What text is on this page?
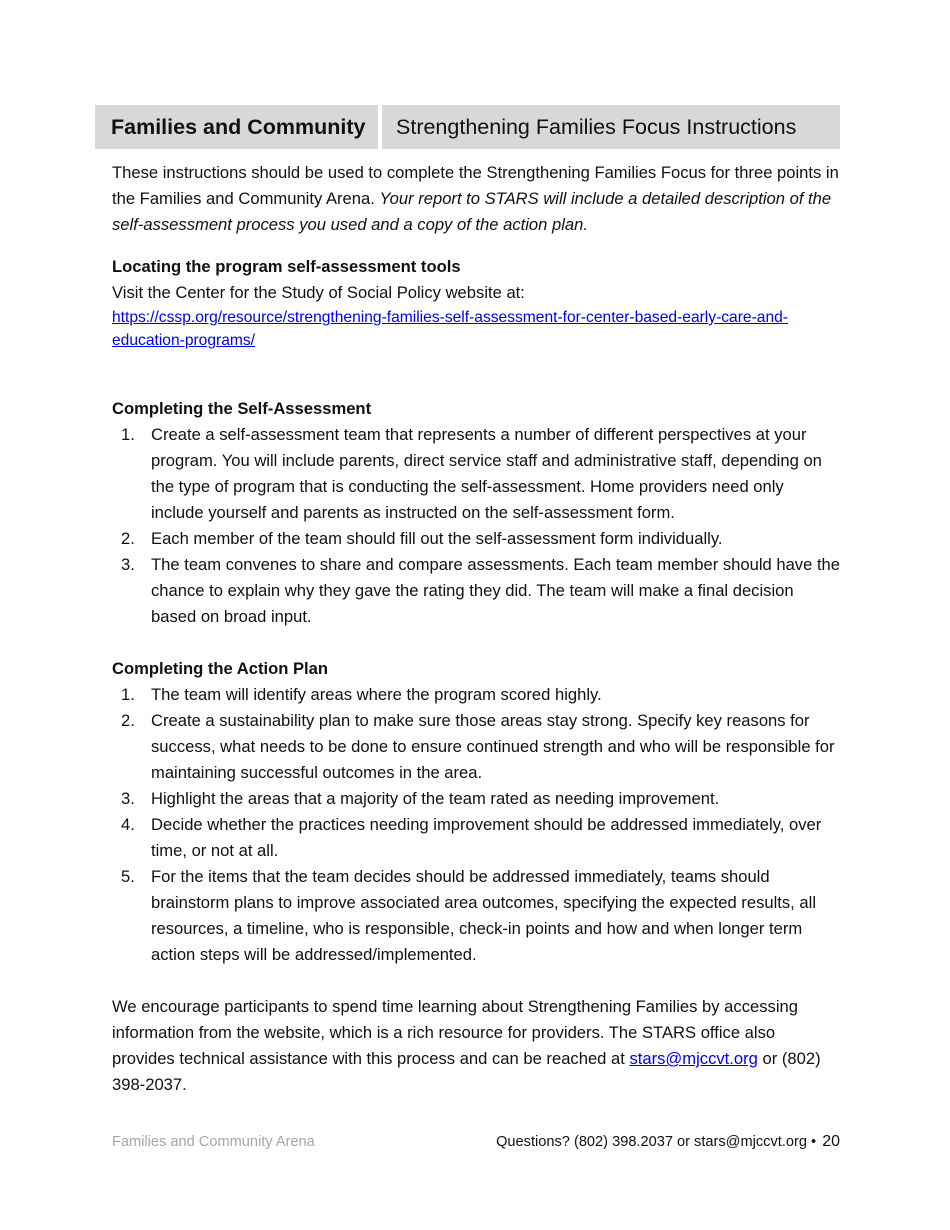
Families and Community	Strengthening Families Focus Instructions

These instructions should be used to complete the Strengthening Families Focus for three points in the Families and Community Arena. Your report to STARS will include a detailed description of the self-assessment process you used and a copy of the action plan.

Locating the program self-assessment tools

Visit the Center for the Study of Social Policy website at:

https://cssp.org/resource/strengthening-families-self-assessment-for-center-based-early-care-and-
education-programs/
Completing the Self-Assessment
1. Create a self-assessment team that represents a number of different perspectives at your program. You will include parents, direct service staff and administrative staff, depending on the type of program that is conducting the self-assessment. Home providers need only include yourself and parents as instructed on the self-assessment form.
2. Each member of the team should fill out the self-assessment form individually.
3. The team convenes to share and compare assessments. Each team member should have the chance to explain why they gave the rating they did. The team will make a final decision based on broad input.
Completing the Action Plan
1. The team will identify areas where the program scored highly.
2. Create a sustainability plan to make sure those areas stay strong. Specify key reasons for success, what needs to be done to ensure continued strength and who will be responsible for maintaining successful outcomes in the area.
3. Highlight the areas that a majority of the team rated as needing improvement.
4. Decide whether the practices needing improvement should be addressed immediately, over time, or not at all.
5. For the items that the team decides should be addressed immediately, teams should brainstorm plans to improve associated area outcomes, specifying the expected results, all resources, a timeline, who is responsible, check-in points and how and when longer term action steps will be addressed/implemented.

We encourage participants to spend time learning about Strengthening Families by accessing information from the website, which is a rich resource for providers. The STARS office also provides technical assistance with this process and can be reached at stars@mjccvt.org or (802) 398-2037.

Families and Community Arena	Questions? (802) 398.2037 or stars@mjccvt.org • 20
